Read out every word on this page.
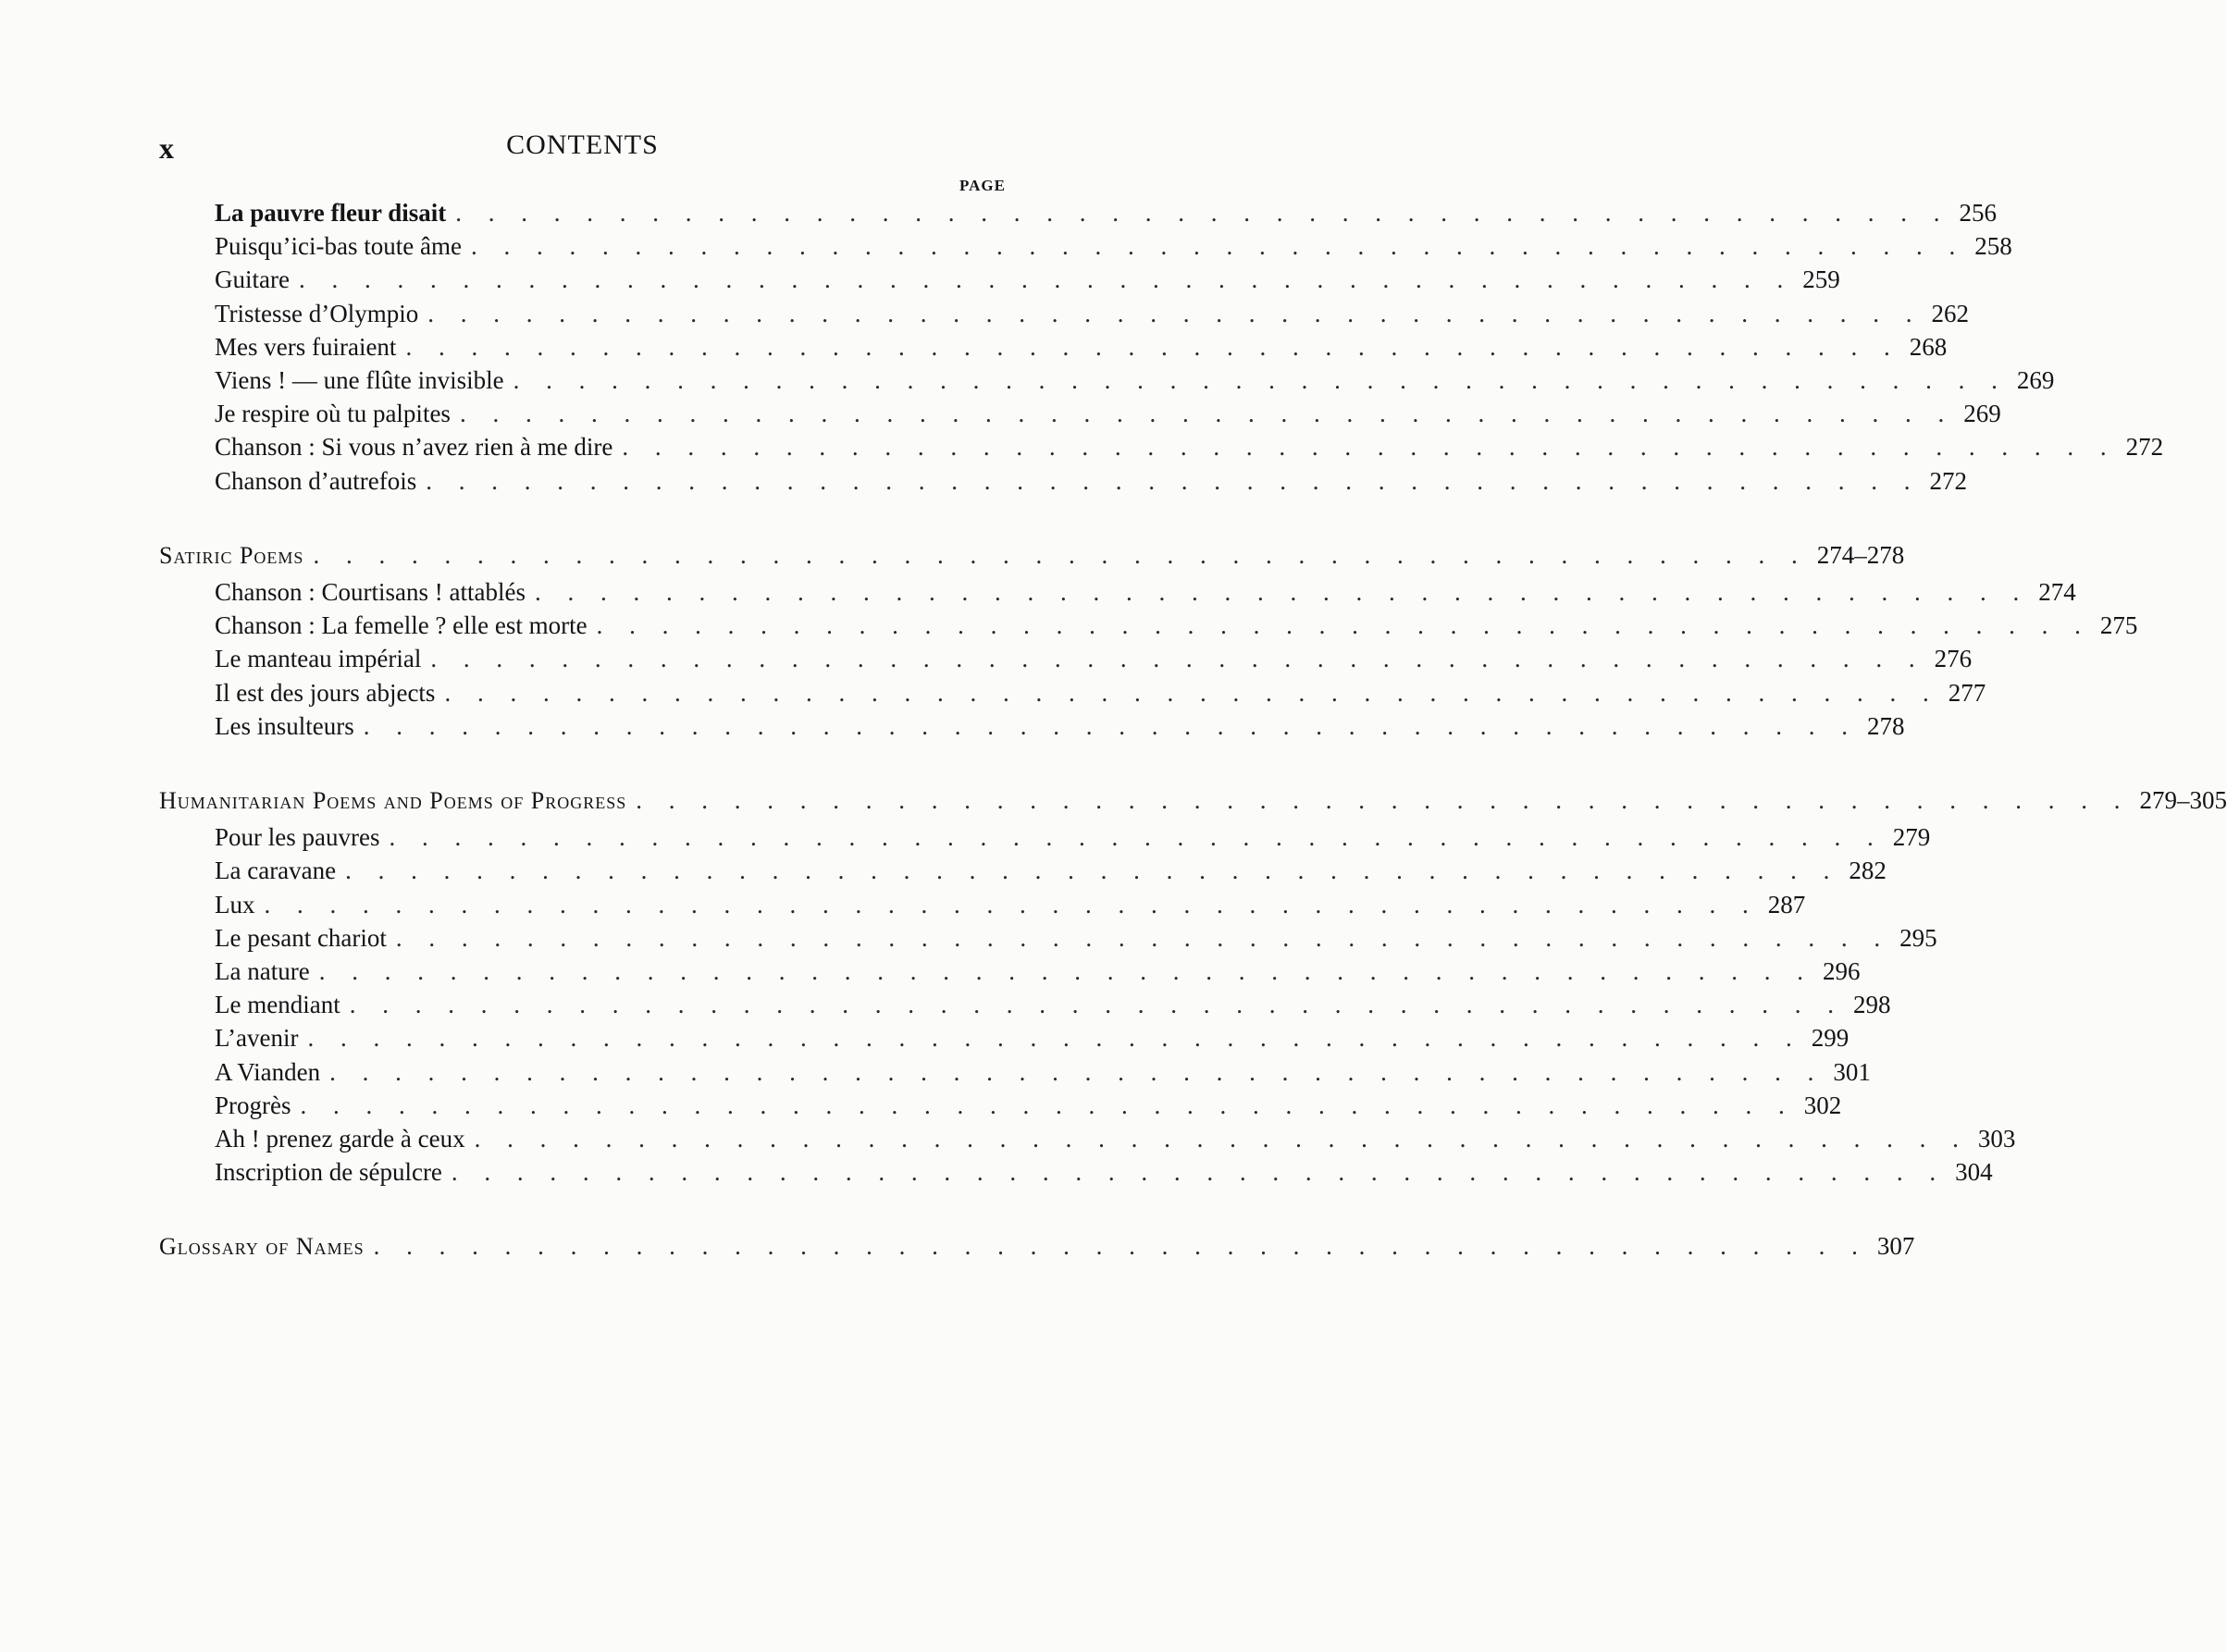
x	CONTENTS
PAGE
La pauvre fleur disait . . . . . . . . . . . . . . . . . . . . . . . . . . . . . . . . . . . . . . . . . . . . . . 256
Puisqu’ici-bas toute âme . . . . . . . . . . . . . . . . . . . . . . . . . . . . . . . . . . . . . . . . . . . . . . 258
Guitare . . . . . . . . . . . . . . . . . . . . . . . . . . . . . . . . . . . . . . . . . . . . . . 259
Tristesse d’Olympio . . . . . . . . . . . . . . . . . . . . . . . . . . . . . . . . . . . . . . . . . . . . . . 262
Mes vers fuiraient . . . . . . . . . . . . . . . . . . . . . . . . . . . . . . . . . . . . . . . . . . . . . . 268
Viens ! — une flûte invisible . . . . . . . . . . . . . . . . . . . . . . . . . . . . . . . . . . . . . . . . . . . . . . 269
Je respire où tu palpites . . . . . . . . . . . . . . . . . . . . . . . . . . . . . . . . . . . . . . . . . . . . . . 269
Chanson : Si vous n’avez rien à me dire . . . . . . . . . . . . . . . . . . . . . . . . . . . . . . . . . . . . . . . . . . . . . . 272
Chanson d’autrefois . . . . . . . . . . . . . . . . . . . . . . . . . . . . . . . . . . . . . . . . . . . . . . 272
Satiric Poems . . . . . . . . . . . . . . . . . . . . . . . . . . . . . . . . . . . . . . . . . . . . . . 274–278
Chanson : Courtisans ! attablés . . . . . . . . . . . . . . . . . . . . . . . . . . . . . . . . . . . . . . . . . . . . . . 274
Chanson : La femelle ? elle est morte . . . . . . . . . . . . . . . . . . . . . . . . . . . . . . . . . . . . . . . . . . . . . . 275
Le manteau impérial . . . . . . . . . . . . . . . . . . . . . . . . . . . . . . . . . . . . . . . . . . . . . . 276
Il est des jours abjects . . . . . . . . . . . . . . . . . . . . . . . . . . . . . . . . . . . . . . . . . . . . . . 277
Les insulteurs . . . . . . . . . . . . . . . . . . . . . . . . . . . . . . . . . . . . . . . . . . . . . . 278
Humanitarian Poems and Poems of Progress . . . . . . . . . . . . . . . . . . . . . . . . . . . . . . . . . . . . . . . . . . . . . . 279–305
Pour les pauvres . . . . . . . . . . . . . . . . . . . . . . . . . . . . . . . . . . . . . . . . . . . . . . 279
La caravane . . . . . . . . . . . . . . . . . . . . . . . . . . . . . . . . . . . . . . . . . . . . . . 282
Lux . . . . . . . . . . . . . . . . . . . . . . . . . . . . . . . . . . . . . . . . . . . . . . 287
Le pesant chariot . . . . . . . . . . . . . . . . . . . . . . . . . . . . . . . . . . . . . . . . . . . . . . 295
La nature . . . . . . . . . . . . . . . . . . . . . . . . . . . . . . . . . . . . . . . . . . . . . . 296
Le mendiant . . . . . . . . . . . . . . . . . . . . . . . . . . . . . . . . . . . . . . . . . . . . . . 298
L’avenir . . . . . . . . . . . . . . . . . . . . . . . . . . . . . . . . . . . . . . . . . . . . . . 299
A Vianden . . . . . . . . . . . . . . . . . . . . . . . . . . . . . . . . . . . . . . . . . . . . . . 301
Progrès . . . . . . . . . . . . . . . . . . . . . . . . . . . . . . . . . . . . . . . . . . . . . . 302
Ah ! prenez garde à ceux . . . . . . . . . . . . . . . . . . . . . . . . . . . . . . . . . . . . . . . . . . . . . . 303
Inscription de sépulcre . . . . . . . . . . . . . . . . . . . . . . . . . . . . . . . . . . . . . . . . . . . . . . 304
Glossary of Names . . . . . . . . . . . . . . . . . . . . . . . . . . . . . . . . . . . . . . . . . . . . . . 307
